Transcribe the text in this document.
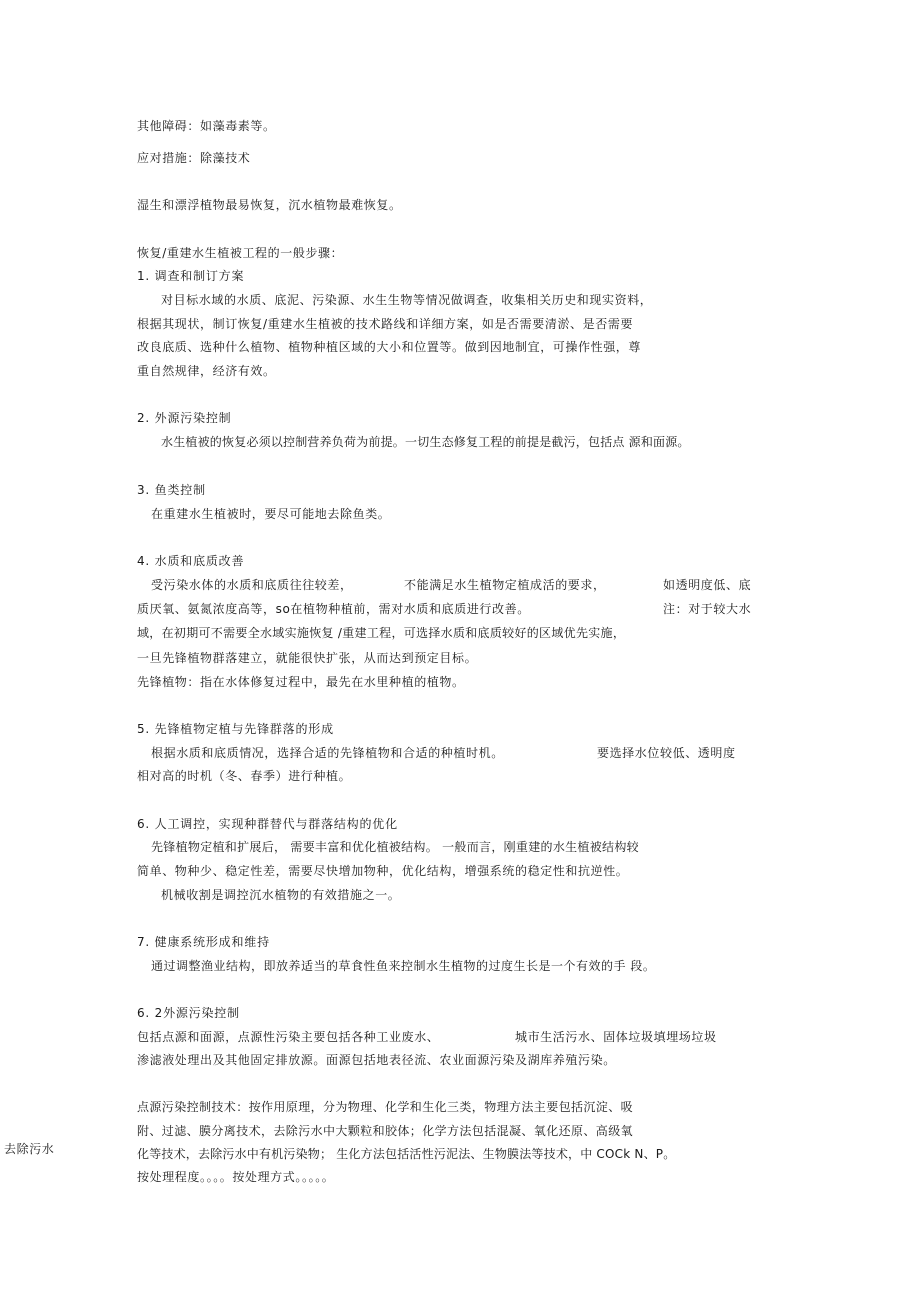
其他障碍：如藻毒素等。
应对措施：除藻技术
湿生和漂浮植物最易恢复，沉水植物最难恢复。
恢复/重建水生植被工程的一般步骤：
1. 调查和制订方案
对目标水域的水质、底泥、污染源、水生生物等情况做调查，收集相关历史和现实资料，
根据其现状，制订恢复/重建水生植被的技术路线和详细方案，如是否需要清淤、是否需要
改良底质、选种什么植物、植物种植区域的大小和位置等。做到因地制宜，可操作性强，尊
重自然规律，经济有效。
2. 外源污染控制
水生植被的恢复必须以控制营养负荷为前提。一切生态修复工程的前提是截污，包括点 源和面源。
3. 鱼类控制
在重建水生植被时，要尽可能地去除鱼类。
4. 水质和底质改善
受污染水体的水质和底质往往较差，	不能满足水生植物定植成活的要求，	如透明度低、底
质厌氧、氨氮浓度高等，so在植物种植前，需对水质和底质进行改善。	注：对于较大水
域，在初期可不需要全水域实施恢复 /重建工程，可选择水质和底质较好的区域优先实施，
一旦先锋植物群落建立，就能很快扩张，从而达到预定目标。
先锋植物：指在水体修复过程中，最先在水里种植的植物。
5. 先锋植物定植与先锋群落的形成
根据水质和底质情况，选择合适的先锋植物和合适的种植时机。	要选择水位较低、透明度
相对高的时机（冬、春季）进行种植。
6. 人工调控，实现种群替代与群落结构的优化
先锋植物定植和扩展后， 需要丰富和优化植被结构。 一般而言，刚重建的水生植被结构较
简单、物种少、稳定性差，需要尽快增加物种，优化结构，增强系统的稳定性和抗逆性。
机械收割是调控沉水植物的有效措施之一。
7. 健康系统形成和维持
通过调整渔业结构，即放养适当的草食性鱼来控制水生植物的过度生长是一个有效的手 段。
6. 2外源污染控制
包括点源和面源，点源性污染主要包括各种工业废水、	城市生活污水、固体垃圾填埋场垃圾
渗滤液处理出及其他固定排放源。面源包括地表径流、农业面源污染及湖库养殖污染。
点源污染控制技术：按作用原理，分为物理、化学和生化三类，物理方法主要包括沉淀、吸
附、过滤、膜分离技术，去除污水中大颗粒和胶体；化学方法包括混凝、氧化还原、高级氧
去除污水	化等技术，去除污水中有机污染物； 生化方法包括活性污泥法、生物膜法等技术，中 COCk N、P。
按处理程度。。。。按处理方式。。。。。
